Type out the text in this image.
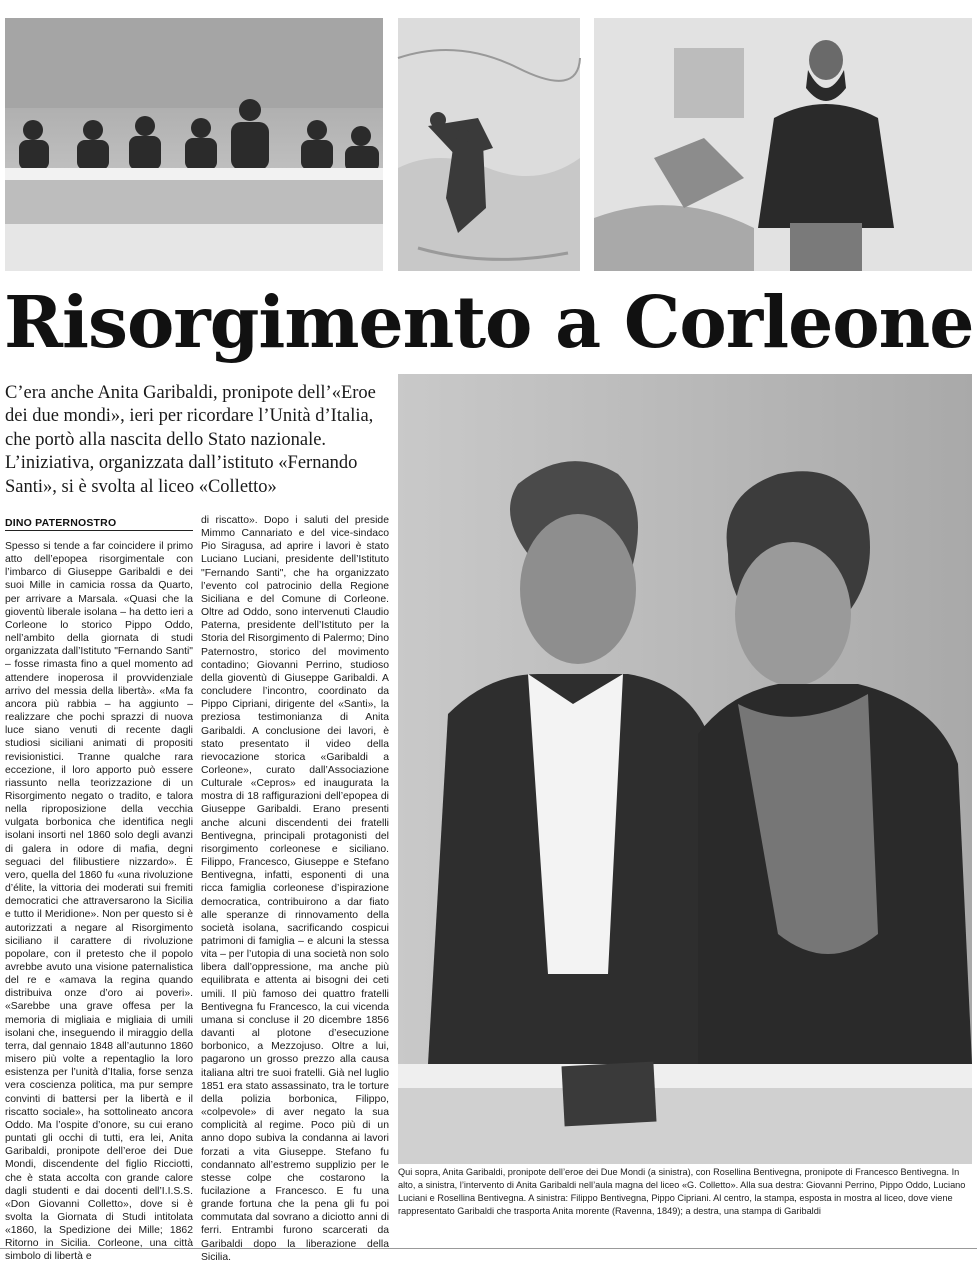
Risorgimento a Corleone
C’era anche Anita Garibaldi, pronipote dell’«Eroe dei due mondi», ieri per ricordare l’Unità d’Italia, che portò alla nascita dello Stato nazionale. L’iniziativa, organizzata dall’istituto «Fernando Santi», si è svolta al liceo «Colletto»
DINO PATERNOSTRO
Spesso si tende a far coincidere il primo atto dell’epopea risorgimentale con l’imbarco di Giuseppe Garibaldi e dei suoi Mille in camicia rossa da Quarto, per arrivare a Marsala. «Quasi che la gioventù liberale isolana – ha detto ieri a Corleone lo storico Pippo Oddo, nell’ambito della giornata di studi organizzata dall’Istituto "Fernando Santi" – fosse rimasta fino a quel momento ad attendere inoperosa il provvidenziale arrivo del messia della libertà». «Ma fa ancora più rabbia – ha aggiunto – realizzare che pochi sprazzi di nuova luce siano venuti di recente dagli studiosi siciliani animati di propositi revisionistici. Tranne qualche rara eccezione, il loro apporto può essere riassunto nella teorizzazione di un Risorgimento negato o tradito, e talora nella riproposizione della vecchia vulgata borbonica che identifica negli isolani insorti nel 1860 solo degli avanzi di galera in odore di mafia, degni seguaci del filibustiere nizzardo». È vero, quella del 1860 fu «una rivoluzione d’élite, la vittoria dei moderati sui fremiti democratici che attraversarono la Sicilia e tutto il Meridione». Non per questo si è autorizzati a negare al Risorgimento siciliano il carattere di rivoluzione popolare, con il pretesto che il popolo avrebbe avuto una visione paternalistica del re e «amava la regina quando distribuiva onze d’oro ai poveri». «Sarebbe una grave offesa per la memoria di migliaia e migliaia di umili isolani che, inseguendo il miraggio della terra, dal gennaio 1848 all’autunno 1860 misero più volte a repentaglio la loro esistenza per l’unità d’Italia, forse senza vera coscienza politica, ma pur sempre convinti di battersi per la libertà e il riscatto sociale», ha sottolineato ancora Oddo. Ma l’ospite d’onore, su cui erano puntati gli occhi di tutti, era lei, Anita Garibaldi, pronipote dell’eroe dei Due Mondi, discendente del figlio Ricciotti, che è stata accolta con grande calore dagli studenti e dai docenti dell’I.I.S.S. «Don Giovanni Colletto», dove si è svolta la Giornata di Studi intitolata «1860, la Spedizione dei Mille; 1862 Ritorno in Sicilia. Corleone, una città simbolo di libertà e
di riscatto». Dopo i saluti del preside Mimmo Cannariato e del vice-sindaco Pio Siragusa, ad aprire i lavori è stato Luciano Luciani, presidente dell’Istituto "Fernando Santi", che ha organizzato l’evento col patrocinio della Regione Siciliana e del Comune di Corleone. Oltre ad Oddo, sono intervenuti Claudio Paterna, presidente dell’Istituto per la Storia del Risorgimento di Palermo; Dino Paternostro, storico del movimento contadino; Giovanni Perrino, studioso della gioventù di Giuseppe Garibaldi. A concludere l’incontro, coordinato da Pippo Cipriani, dirigente del «Santi», la preziosa testimonianza di Anita Garibaldi. A conclusione dei lavori, è stato presentato il video della rievocazione storica «Garibaldi a Corleone», curato dall’Associazione Culturale «Cepros» ed inaugurata la mostra di 18 raffigurazioni dell’epopea di Giuseppe Garibaldi. Erano presenti anche alcuni discendenti dei fratelli Bentivegna, principali protagonisti del risorgimento corleonese e siciliano. Filippo, Francesco, Giuseppe e Stefano Bentivegna, infatti, esponenti di una ricca famiglia corleonese d’ispirazione democratica, contribuirono a dar fiato alle speranze di rinnovamento della società isolana, sacrificando cospicui patrimoni di famiglia – e alcuni la stessa vita – per l’utopia di una società non solo libera dall’oppressione, ma anche più equilibrata e attenta ai bisogni dei ceti umili. Il più famoso dei quattro fratelli Bentivegna fu Francesco, la cui vicenda umana si concluse il 20 dicembre 1856 davanti al plotone d’esecuzione borbonico, a Mezzojuso. Oltre a lui, pagarono un grosso prezzo alla causa italiana altri tre suoi fratelli. Già nel luglio 1851 era stato assassinato, tra le torture della polizia borbonica, Filippo, «colpevole» di aver negato la sua complicità al regime. Poco più di un anno dopo subiva la condanna ai lavori forzati a vita Giuseppe. Stefano fu condannato all’estremo supplizio per le stesse colpe che costarono la fucilazione a Francesco. E fu una grande fortuna che la pena gli fu poi commutata dal sovrano a diciotto anni di ferri. Entrambi furono scarcerati da Garibaldi dopo la liberazione della Sicilia.
Qui sopra, Anita Garibaldi, pronipote dell’eroe dei Due Mondi (a sinistra), con Rosellina Bentivegna, pronipote di Francesco Bentivegna. In alto, a sinistra, l’intervento di Anita Garibaldi nell’aula magna del liceo «G. Colletto». Alla sua destra: Giovanni Perrino, Pippo Oddo, Luciano Luciani e Rosellina Bentivegna. A sinistra: Filippo Bentivegna, Pippo Cipriani. Al centro, la stampa, esposta in mostra al liceo, dove viene rappresentato Garibaldi che trasporta Anita morente (Ravenna, 1849); a destra, una stampa di Garibaldi
